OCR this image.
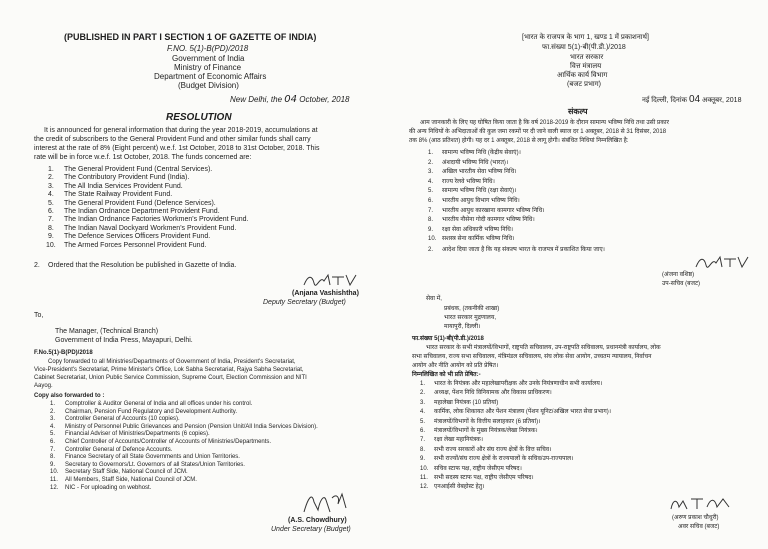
(PUBLISHED IN PART I SECTION 1 OF GAZETTE OF INDIA)
F.NO. 5(1)-B(PD)/2018
Government of India
Ministry of Finance
Department of Economic Affairs
(Budget Division)
New Delhi, the 04 October, 2018
RESOLUTION
It is announced for general information that during the year 2018-2019, accumulations at
the credit of subscribers to the General Provident Fund and other similar funds shall carry
interest at the rate of 8% (Eight percent) w.e.f. 1st October, 2018 to 31st October, 2018. This
rate will be in force w.e.f. 1st October, 2018. The funds concerned are:
1. The General Provident Fund (Central Services).
2. The Contributory Provident Fund (India).
3. The All India Services Provident Fund.
4. The State Railway Provident Fund.
5. The General Provident Fund (Defence Services).
6. The Indian Ordnance Department Provident Fund.
7. The Indian Ordnance Factories Workmen's Provident Fund.
8. The Indian Naval Dockyard Workmen's Provident Fund.
9. The Defence Services Officers Provident Fund.
10. The Armed Forces Personnel Provident Fund.
2. Ordered that the Resolution be published in Gazette of India.
(Anjana Vashishtha)
Deputy Secretary (Budget)
To,
The Manager, (Technical Branch)
Government of India Press, Mayapuri, Delhi.
F.No.5(1)-B(PD)/2018
Copy forwarded to all Ministries/Departments of Government of India, President's Secretariat,
Vice-President's Secretariat, Prime Minister's Office, Lok Sabha Secretariat, Rajya Sabha Secretariat,
Cabinet Secretariat, Union Public Service Commission, Supreme Court, Election Commission and NITI
Aayog.
Copy also forwarded to :
1. Comptroller & Auditor General of India and all offices under his control.
2. Chairman, Pension Fund Regulatory and Development Authority.
3. Controller General of Accounts (10 copies).
4. Ministry of Personnel Public Grievances and Pension (Pension Unit/All India Services Division).
5. Financial Adviser of Ministries/Departments (6 copies).
6. Chief Controller of Accounts/Controller of Accounts of Ministries/Departments.
7. Controller General of Defence Accounts.
8. Finance Secretary of all State Governments and Union Territories.
9. Secretary to Governors/Lt. Governors of all States/Union Territories.
10. Secretary Staff Side, National Council of JCM.
11. All Members, Staff Side, National Council of JCM.
12. NIC - For uploading on webhost.
(A.S. Chowdhury)
Under Secretary (Budget)
[भारत के राजपत्र के भाग 1, खण्ड 1 में प्रकाशनार्थ]
फा.संख्या 5(1)-बी(पी.डी.)/2018
भारत सरकार
वित्त मंत्रालय
आर्थिक कार्य विभाग
(बजट प्रभाग)
नई दिल्ली, दिनांक 04 अक्तूबर, 2018
संकल्प
आम जानकारी के लिए यह घोषित किया जाता है कि वर्ष 2018-2019 के दौरान सामान्य भविष्य निधि तथा उसी प्रकार
की अन्य निधियों के अभिदाताओं की कुल जमा रकमों पर दी जाने वाली ब्याज दर 1 अक्तूबर, 2018 से 31 दिसंबर, 2018
तक 8% (आठ प्रतिशत) होगी। यह दर 1 अक्तूबर, 2018 से लागू होगी। संबंधित निधियां निम्नलिखित है:
1. सामान्य भविष्य निधि (केंद्रीय सेवाएं)।
2. अंशदायी भविष्य निधि (भारत)।
3. अखिल भारतीय सेवा भविष्य निधि।
4. राज्य रेलवे भविष्य निधि।
5. सामान्य भविष्य निधि (रक्षा सेवाएं)।
6. भारतीय आयुध विभाग भविष्य निधि।
7. भारतीय आयुध कारखाना कामगार भविष्य निधि।
8. भारतीय नौसेना गोदी कामगार भविष्य निधि।
9. रक्षा सेवा अधिकारी भविष्य निधि।
10. सशस्त्र सेना कार्मिक भविष्य निधि।
2. आदेश दिया जाता है कि यह संकल्प भारत के राजपत्र में प्रकाशित किया जाए।
(अंजना वशिष्ठ)
उप-सचिव (बजट)
सेवा में,
प्रबंधक, (तकनीकी शाखा)
भारत सरकार मुद्रणालय,
मायापुरी, दिल्ली।
फा.संख्या 5(1)-बी(पी.डी.)/2018
भारत सरकार के सभी मंत्रालयों/विभागों, राष्ट्रपति सचिवालय, उप-राष्ट्रपति सचिवालय, प्रधानमंत्री कार्यालय, लोक
सभा सचिवालय, राज्य सभा सचिवालय, मंत्रिमंडल सचिवालय, संघ लोक सेवा आयोग, उच्चतम न्यायालय, निर्वाचन
आयोग और नीति आयोग को प्रति प्रेषित।
निम्नलिखित को भी प्रति प्रेषित:-
1. भारत के नियंत्रक और महालेखापरीक्षक और उनके नियंत्रणाधीन सभी कार्यालय।
2. अध्यक्ष, पेंशन निधि विनियामक और विकास प्राधिकरण।
3. महालेखा नियंत्रक (10 प्रतियां)
4. कार्मिक, लोक शिकायत और पेंशन मंत्रालय (पेंशन यूनिट/अखिल भारत सेवा प्रभाग)।
5. मंत्रालयों/विभागों के वित्तीय सलाहकार (6 प्रतियां)।
6. मंत्रालयों/विभागों के मुख्य नियंत्रक/लेखा नियंत्रक।
7. रक्षा लेखा महानियंत्रक।
8. सभी राज्य सरकारों और संघ राज्य क्षेत्रों के वित्त सचिव।
9. सभी राज्यों/संघ राज्य क्षेत्रों के राज्यपालों के सचिव/उप-राज्यपाल।
10. सचिव स्टाफ पक्ष, राष्ट्रीय जेसीएम परिषद।
11. सभी सदस्य स्टाफ पक्ष, राष्ट्रीय जेसीएम परिषद।
12. एनआईसी वेबहोस्ट हेतु।
(अरुण प्रकाश चौधुरी)
अवर सचिव (बजट)
